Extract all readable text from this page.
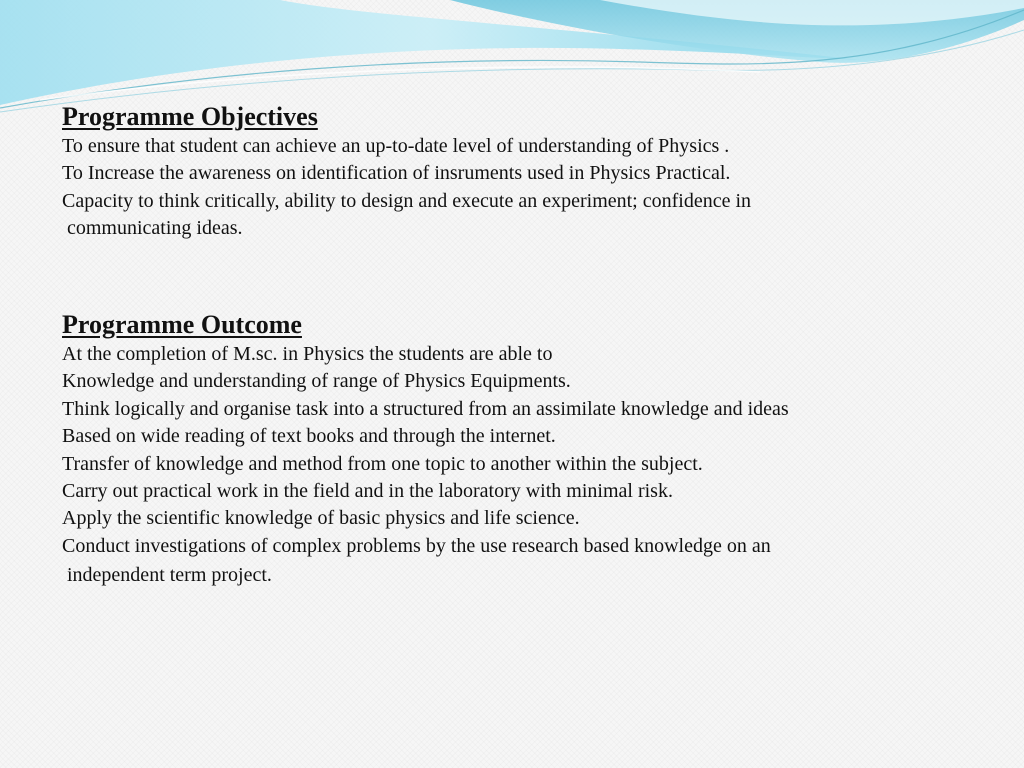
Programme Objectives
To ensure that student can achieve an up-to-date level of understanding of Physics .
To Increase the awareness on identification of insruments used in Physics Practical.
Capacity to think critically, ability to design and execute an experiment; confidence in
communicating ideas.
Programme Outcome
At the completion of M.sc. in Physics the students are able to
Knowledge and understanding of range of Physics Equipments.
Think logically and organise task into a structured from an assimilate knowledge and ideas
Based on wide reading of text books and through the internet.
Transfer of knowledge and method from one topic to another within the subject.
Carry out practical work in the field and in the laboratory with minimal risk.
Apply the scientific knowledge of basic physics and life science.
Conduct investigations of complex problems by the use research based knowledge on an
independent term project.
